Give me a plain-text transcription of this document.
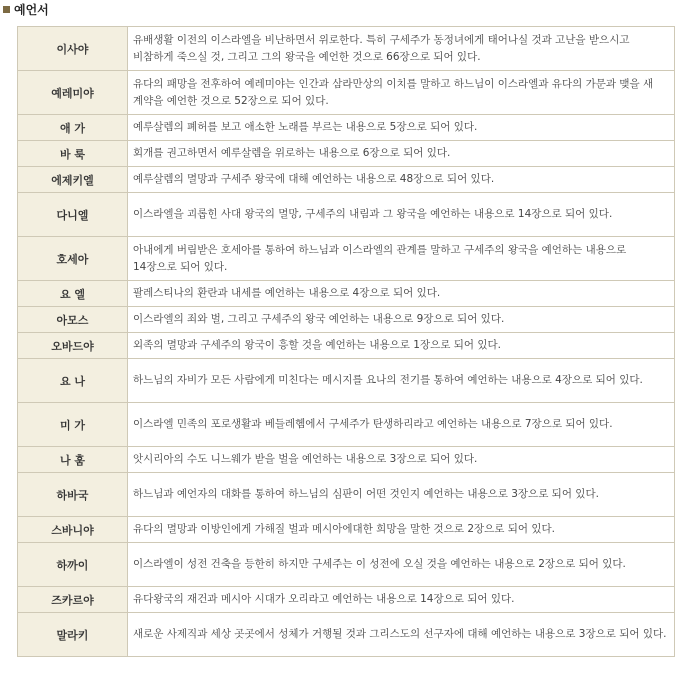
예언서
이사야	유배생활 이전의 이스라엘을 비난하면서 위로한다. 특히 구세주가 동정녀에게 태어나실 것과 고난을 받으시고 비참하게 죽으실 것, 그리고 그의 왕국을 예언한 것으로 66장으로 되어 있다.
예레미야	유다의 패망을 전후하여 예레미야는 인간과 삼라만상의 이치를 말하고 하느님이 이스라엘과 유다의 가문과 맺을 새 계약을 예언한 것으로 52장으로 되어 있다.
애 가	예루살렘의 폐허를 보고 애소한 노래를 부르는 내용으로 5장으로 되어 있다.
바 룩	회개를 권고하면서 예루살렘을 위로하는 내용으로 6장으로 되어 있다.
에제키엘	예루살렘의 멸망과 구세주 왕국에 대해 예언하는 내용으로 48장으로 되어 있다.
다니엘	이스라엘을 괴롭힌 사대 왕국의 멸망, 구세주의 내림과 그 왕국을 예언하는 내용으로 14장으로 되어 있다.
호세아	아내에게 버림받은 호세아를 통하여 하느님과 이스라엘의 관계를 말하고 구세주의 왕국을 예언하는 내용으로 14장으로 되어 있다.
요 엘	팔레스티나의 환란과 내세를 예언하는 내용으로 4장으로 되어 있다.
아모스	이스라엘의 죄와 벌, 그리고 구세주의 왕국 예언하는 내용으로 9장으로 되어 있다.
오바드야	외족의 멸망과 구세주의 왕국이 흥할 것을 예언하는 내용으로 1장으로 되어 있다.
요 나	하느님의 자비가 모든 사람에게 미친다는 메시지를 요나의 전기를 통하여 예언하는 내용으로 4장으로 되어 있다.
미 가	이스라엘 민족의 포로생활과 베들레헴에서 구세주가 탄생하리라고 예언하는 내용으로 7장으로 되어 있다.
나 훔	앗시리아의 수도 니느웨가 받을 벌을 예언하는 내용으로 3장으로 되어 있다.
하바국	하느님과 예언자의 대화를 통하여 하느님의 심판이 어떤 것인지 예언하는 내용으로 3장으로 되어 있다.
스바니야	유다의 멸망과 이방인에게 가해질 벌과 메시아에대한 희망을 말한 것으로 2장으로 되어 있다.
하까이	이스라엘이 성전 건축을 등한히 하지만 구세주는 이 성전에 오실 것을 예언하는 내용으로 2장으로 되어 있다.
즈카르야	유다왕국의 재건과 메시아 시대가 오리라고 예언하는 내용으로 14장으로 되어 있다.
말라키	새로운 사제직과 세상 곳곳에서 성체가 거행될 것과 그리스도의 선구자에 대해 예언하는 내용으로 3장으로 되어 있다.
